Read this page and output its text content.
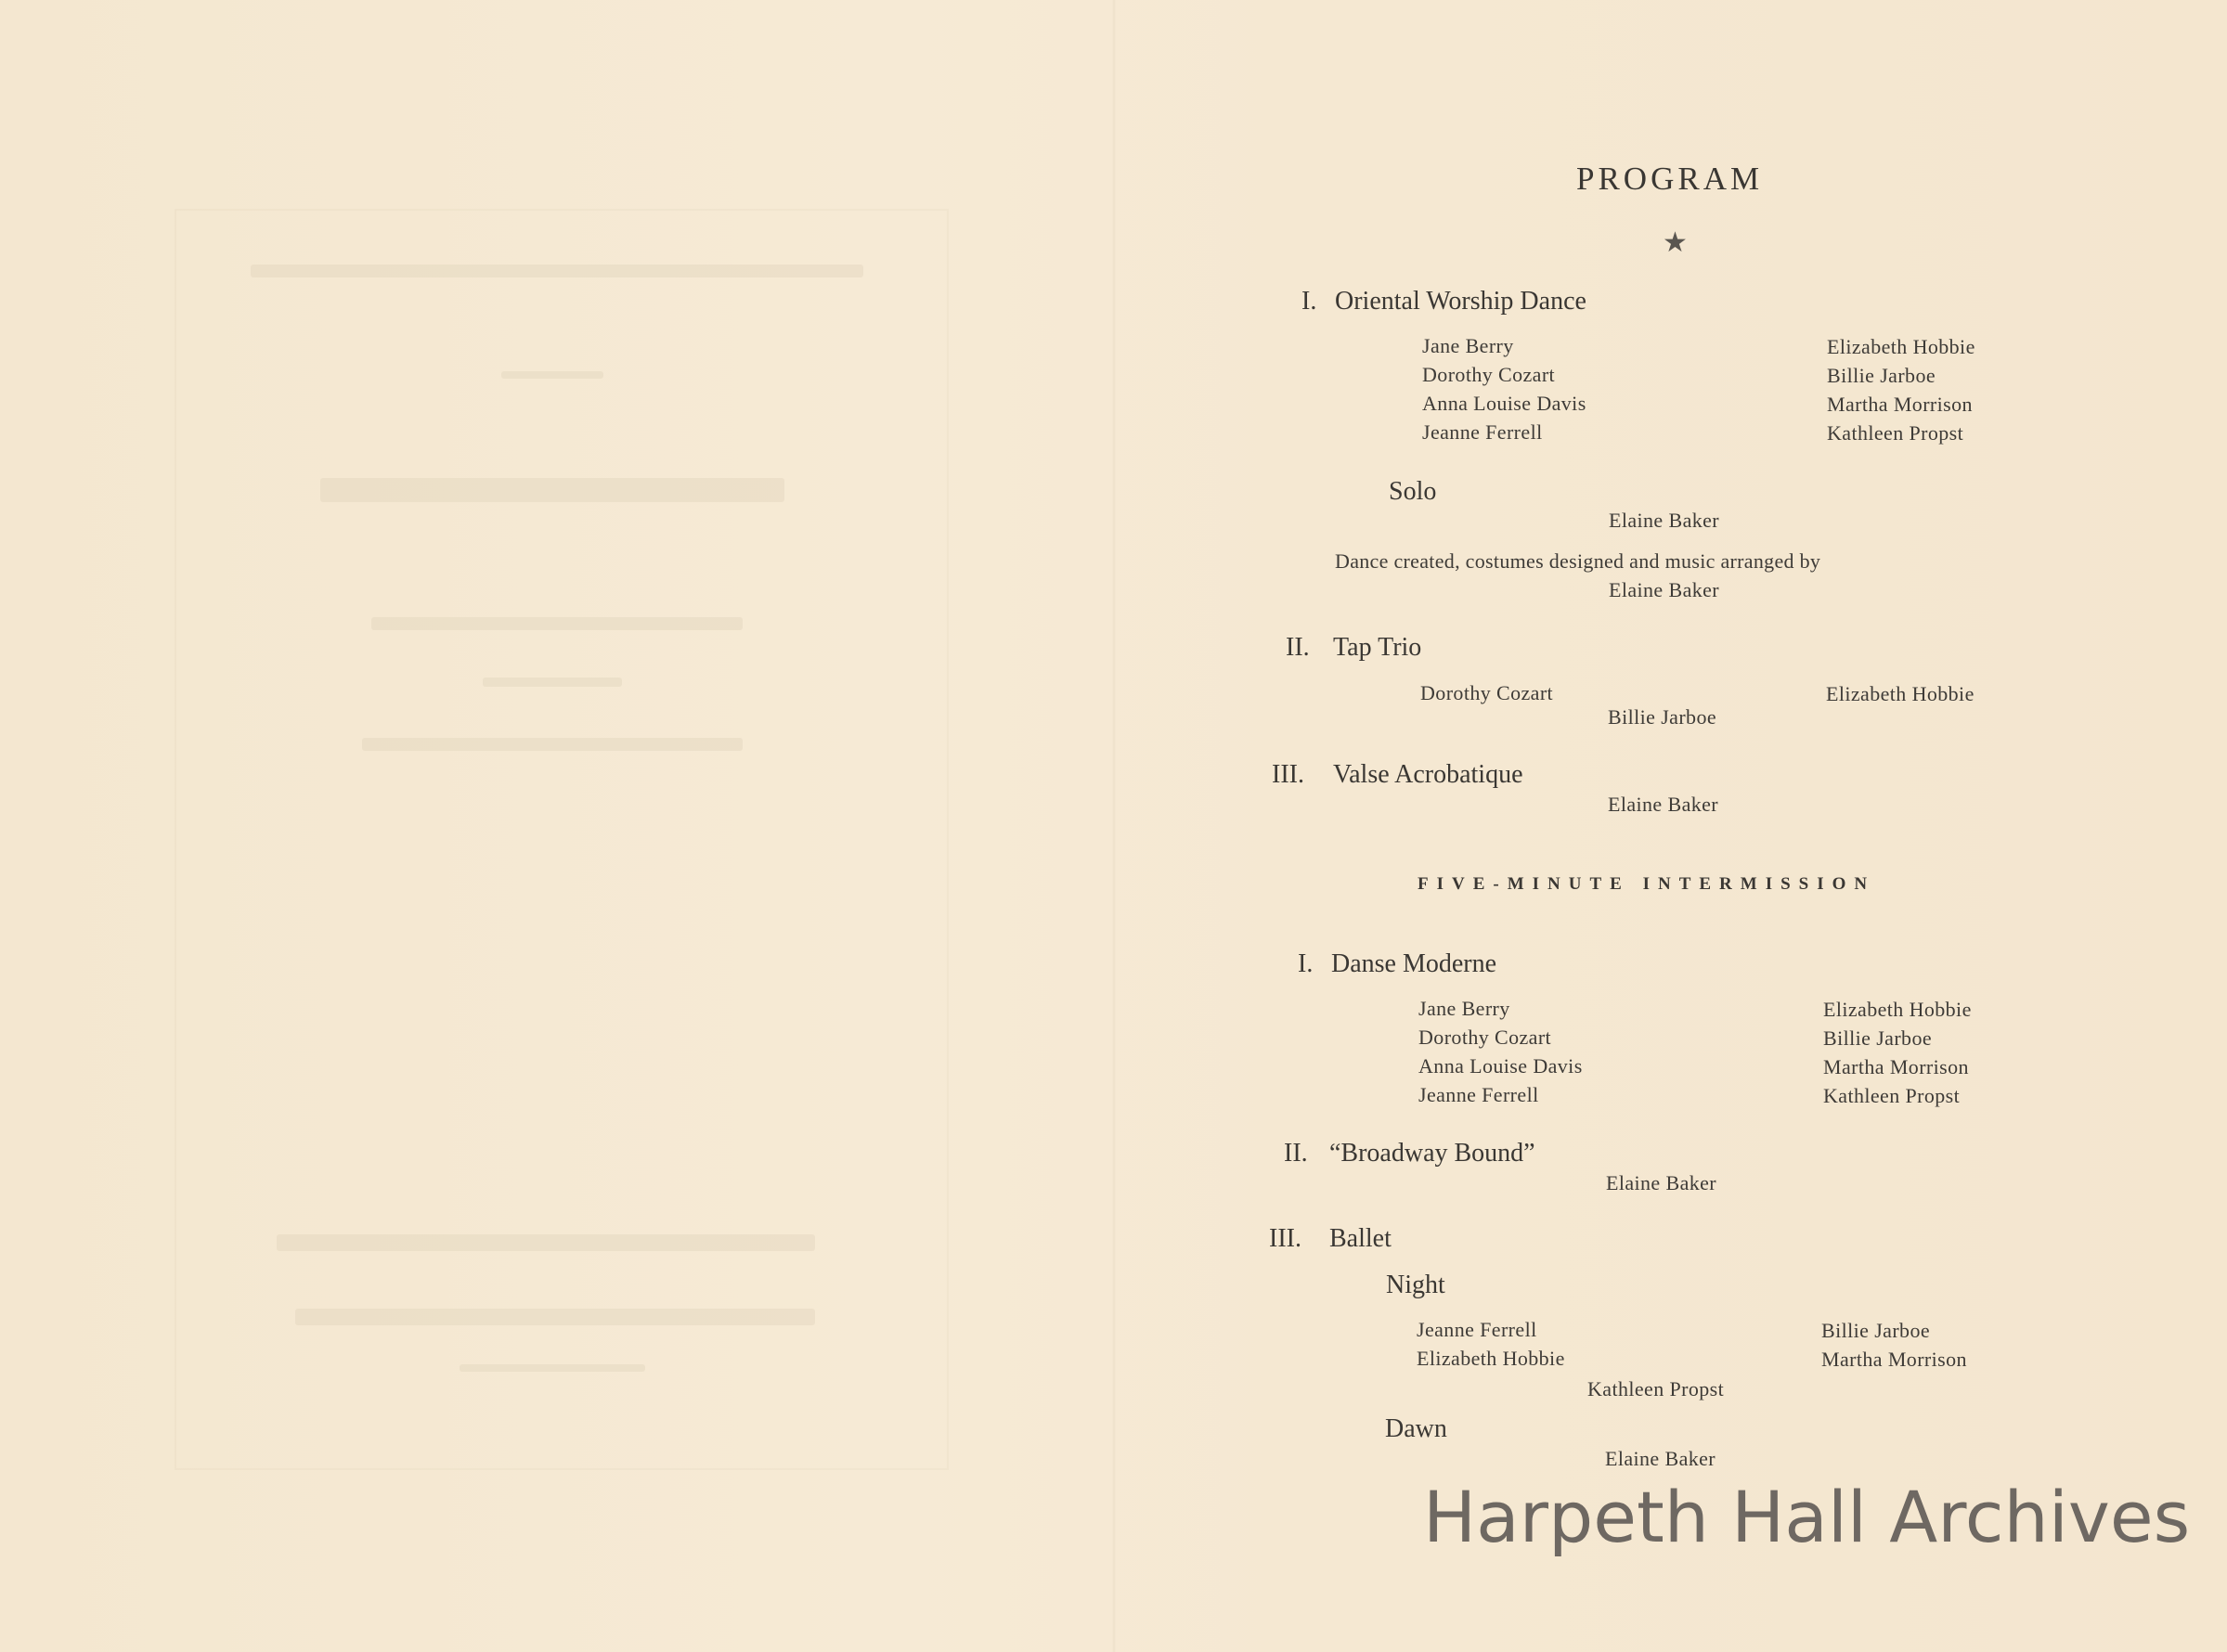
PROGRAM
★
I. Oriental Worship Dance
Jane Berry
Dorothy Cozart
Anna Louise Davis
Jeanne Ferrell
Elizabeth Hobbie
Billie Jarboe
Martha Morrison
Kathleen Propst
Solo
Elaine Baker
Dance created, costumes designed and music arranged by
Elaine Baker
II. Tap Trio
Dorothy Cozart	Elizabeth Hobbie
Billie Jarboe
III. Valse Acrobatique
Elaine Baker
FIVE-MINUTE INTERMISSION
I. Danse Moderne
Jane Berry
Dorothy Cozart
Anna Louise Davis
Jeanne Ferrell
Elizabeth Hobbie
Billie Jarboe
Martha Morrison
Kathleen Propst
II. “Broadway Bound”
Elaine Baker
III. Ballet
Night
Jeanne Ferrell
Elizabeth Hobbie
Billie Jarboe
Martha Morrison
Kathleen Propst
Dawn
Elaine Baker
Harpeth Hall Archives
